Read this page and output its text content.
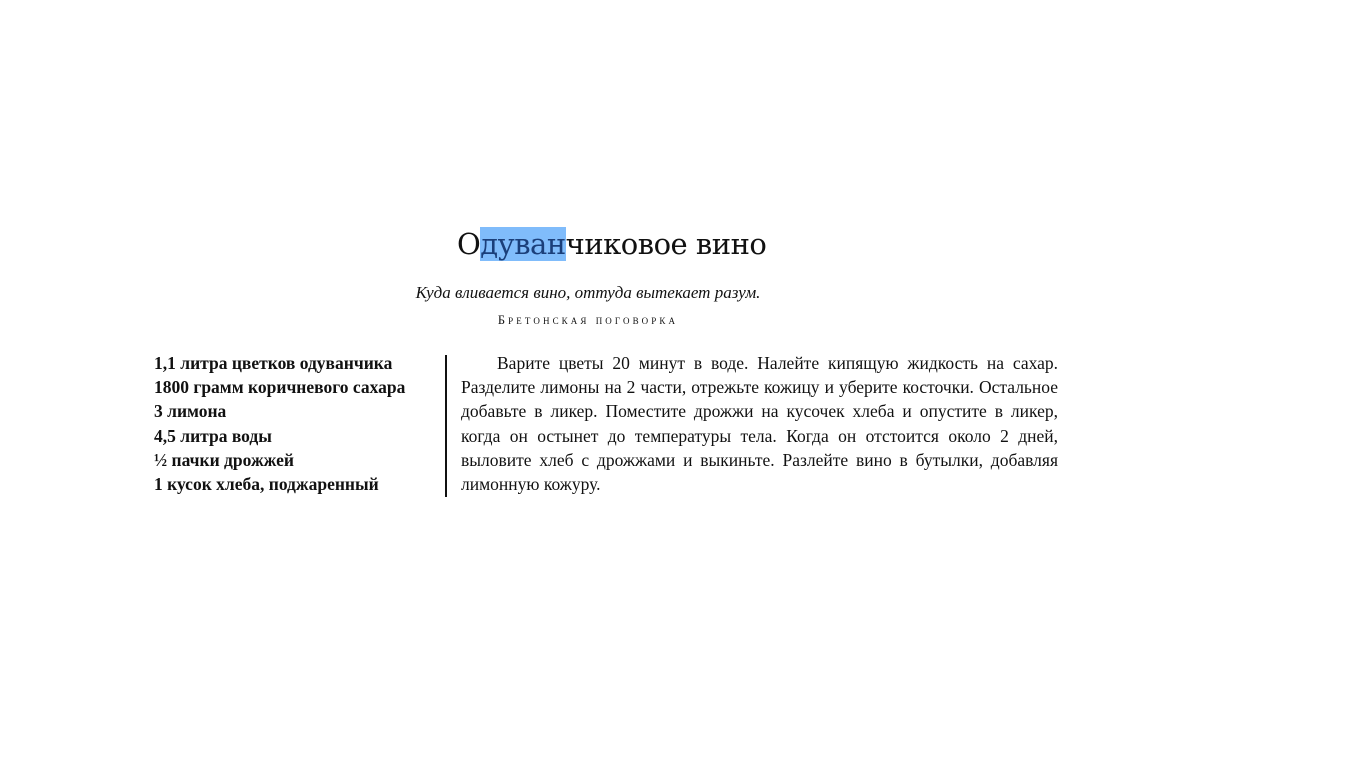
Одуванчиковое вино
Куда вливается вино, оттуда вытекает разум.
Бретонская поговорка
1,1 литра цветков одуванчика
1800 грамм коричневого сахара
3 лимона
4,5 литра воды
½ пачки дрожжей
1 кусок хлеба, поджаренный

Варите цветы 20 минут в воде. Налейте кипящую жидкость на сахар. Разделите лимоны на 2 части, отрежьте кожицу и уберите косточки. Остальное добавьте в ликер. Поместите дрожжи на кусочек хлеба и опустите в ликер, когда он остынет до температуры тела. Когда он отстоится около 2 дней, выловите хлеб с дрожжами и выкиньте. Разлейте вино в бутылки, добавляя лимонную кожуру.
